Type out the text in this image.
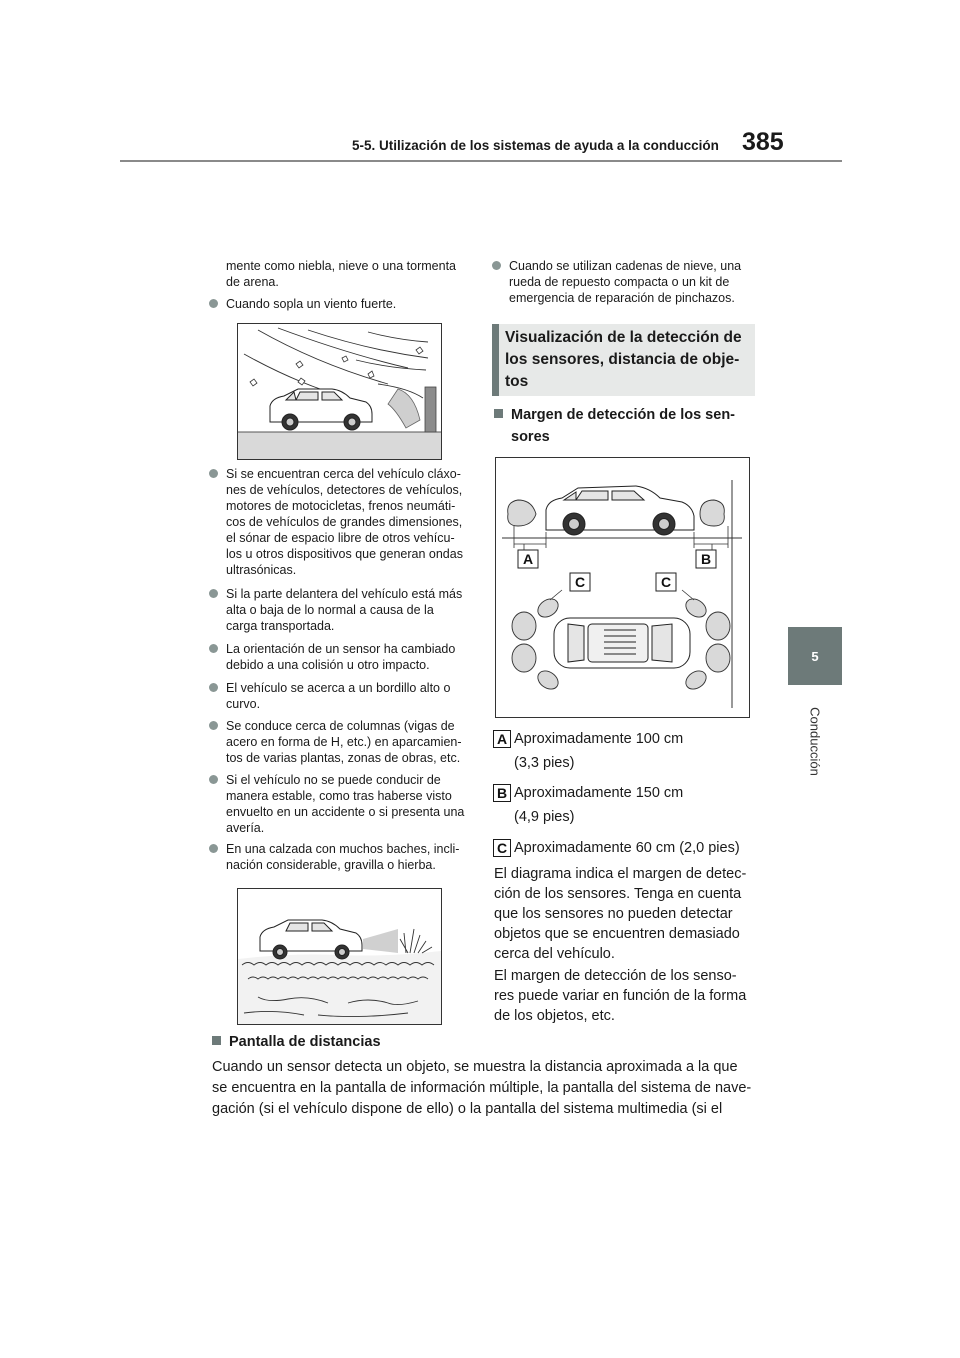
5-5. Utilización de los sistemas de ayuda a la conducción 385
5
Conducción
mente como niebla, nieve o una tormenta
de arena.
Cuando sopla un viento fuerte.
Si se encuentran cerca del vehículo cláxo-
nes de vehículos, detectores de vehículos,
motores de motocicletas, frenos neumáti-
cos de vehículos de grandes dimensiones,
el sónar de espacio libre de otros vehícu-
los u otros dispositivos que generan ondas
ultrasónicas.
Si la parte delantera del vehículo está más
alta o baja de lo normal a causa de la
carga transportada.
La orientación de un sensor ha cambiado
debido a una colisión u otro impacto.
El vehículo se acerca a un bordillo alto o
curvo.
Se conduce cerca de columnas (vigas de
acero en forma de H, etc.) en aparcamien-
tos de varias plantas, zonas de obras, etc.
Si el vehículo no se puede conducir de
manera estable, como tras haberse visto
envuelto en un accidente o si presenta una
avería.
En una calzada con muchos baches, incli-
nación considerable, gravilla o hierba.
Cuando se utilizan cadenas de nieve, una
rueda de repuesto compacta o un kit de
emergencia de reparación de pinchazos.
Visualización de la detección de
los sensores, distancia de obje-
tos
Margen de detección de los sen-
sores
A	B
C	C
A Aproximadamente 100 cm
(3,3 pies)
B Aproximadamente 150 cm
(4,9 pies)
C Aproximadamente 60 cm (2,0 pies)
El diagrama indica el margen de detec-
ción de los sensores. Tenga en cuenta
que los sensores no pueden detectar
objetos que se encuentren demasiado
cerca del vehículo.
El margen de detección de los senso-
res puede variar en función de la forma
de los objetos, etc.
Pantalla de distancias
Cuando un sensor detecta un objeto, se muestra la distancia aproximada a la que
se encuentra en la pantalla de información múltiple, la pantalla del sistema de nave-
gación (si el vehículo dispone de ello) o la pantalla del sistema multimedia (si el
